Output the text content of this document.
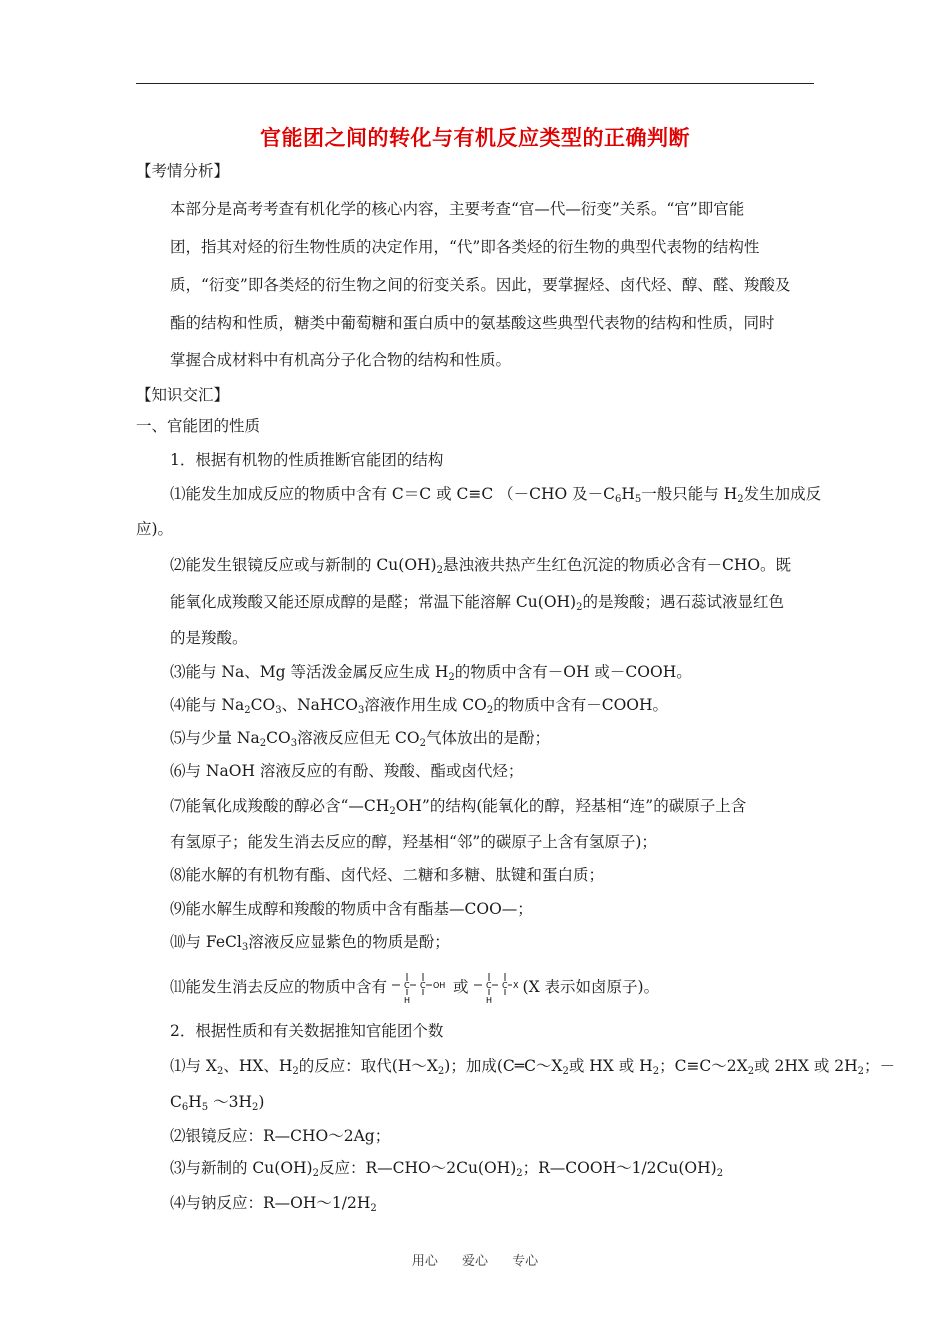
官能团之间的转化与有机反应类型的正确判断
【考情分析】
本部分是高考考查有机化学的核心内容，主要考查“官—代—衍变”关系。“官”即官能
团，指其对烃的衍生物性质的决定作用，“代”即各类烃的衍生物的典型代表物的结构性
质，“衍变”即各类烃的衍生物之间的衍变关系。因此，要掌握烃、卤代烃、醇、醛、羧酸及
酯的结构和性质，糖类中葡萄糖和蛋白质中的氨基酸这些典型代表物的结构和性质，同时
掌握合成材料中有机高分子化合物的结构和性质。
【知识交汇】
一、官能团的性质
1．根据有机物的性质推断官能团的结构
⑴能发生加成反应的物质中含有 C＝C 或 C≡C （－CHO 及$-C_6H_5$一般只能与 $H_2$发生加成反
应)。
⑵能发生银镜反应或与新制的 $Cu(OH)_2$悬浊液共热产生红色沉淀的物质必含有－CHO。既
能氧化成羧酸又能还原成醇的是醛；常温下能溶解 $Cu(OH)_2$的是羧酸；遇石蕊试液显红色
的是羧酸。
⑶能与 Na、Mg 等活泼金属反应生成 $H_2$的物质中含有－OH 或－COOH。
⑷能与 $Na_2CO_3$、NaHCO$_3$溶液作用生成 $CO_2$的物质中含有－COOH。
⑸与少量 $Na_2CO_3$溶液反应但无 $CO_2$气体放出的是酚；
⑹与 NaOH 溶液反应的有酚、羧酸、酯或卤代烃；
⑺能氧化成羧酸的醇必含“$—CH_2OH$”的结构(能氧化的醇，羟基相“连”的碳原子上含
有氢原子；能发生消去反应的醇，羟基相“邻”的碳原子上含有氢原子)；
⑻能水解的有机物有酯、卤代烃、二糖和多糖、肽键和蛋白质；
⑼能水解生成醇和羧酸的物质中含有酯基—COO—；
⑽与 FeCl$_3$溶液反应显紫色的物质是酚；
⑾能发生消去反应的物质中含有 C
H
C OH 或 C
H
C X (X 表示如卤原子)。
2．根据性质和有关数据推知官能团个数
⑴与 $X_2$、HX、$H_2$的反应：取代$(H\sim X_2)$；加成($C═C\sim X_2$或 HX 或 $H_2$；$C\equiv C\sim 2X_2$或 2HX 或 $2H_2$；－
$C_6H_5$ $\sim 3H_2$)
⑵银镜反应：R—CHO～2Ag；
⑶与新制的 $Cu(OH)_2$反应：$R—CHO\sim 2Cu(OH)_2$；$R—COOH\sim 1/2Cu(OH)_2$
⑷与钠反应：$R—OH\sim 1/2H_2$
用心 爱心 专心
